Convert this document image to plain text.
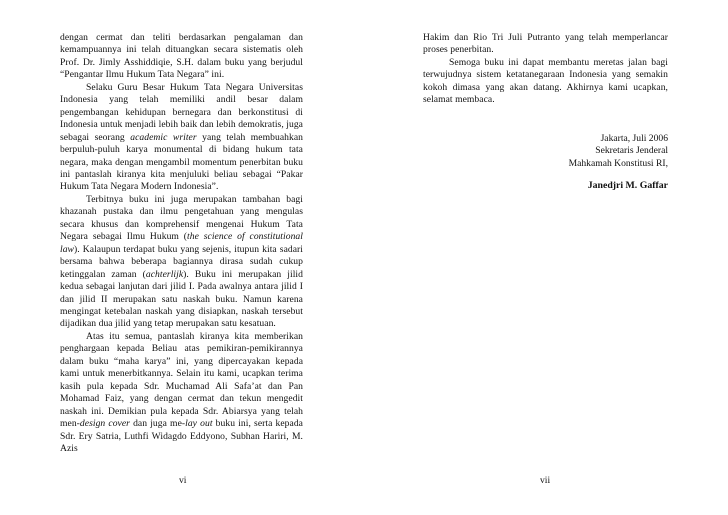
dengan cermat dan teliti berdasarkan pengalaman dan kemampuannya ini telah dituangkan secara sistematis oleh Prof. Dr. Jimly Asshiddiqie, S.H. dalam buku yang berjudul “Pengantar Ilmu Hukum Tata Negara” ini.

Selaku Guru Besar Hukum Tata Negara Universitas Indonesia yang telah memiliki andil besar dalam pengembangan kehidupan bernegara dan berkonstitusi di Indonesia untuk menjadi lebih baik dan lebih demokratis, juga sebagai seorang academic writer yang telah membuahkan berpuluh-puluh karya monumental di bidang hukum tata negara, maka dengan mengambil momentum penerbitan buku ini pantaslah kiranya kita menjuluki beliau sebagai “Pakar Hukum Tata Negara Modern Indonesia”.

Terbitnya buku ini juga merupakan tambahan bagi khazanah pustaka dan ilmu pengetahuan yang mengulas secara khusus dan komprehensif mengenai Hukum Tata Negara sebagai Ilmu Hukum (the science of constitutional law). Kalaupun terdapat buku yang sejenis, itupun kita sadari bersama bahwa beberapa bagiannya dirasa sudah cukup ketinggalan zaman (achterlijk). Buku ini merupakan jilid kedua sebagai lanjutan dari jilid I. Pada awalnya antara jilid I dan jilid II merupakan satu naskah buku. Namun karena mengingat ketebalan naskah yang disiapkan, naskah tersebut dijadikan dua jilid yang tetap merupakan satu kesatuan.

Atas itu semua, pantaslah kiranya kita memberikan penghargaan kepada Beliau atas pemikiran-pemikirannya dalam buku “maha karya” ini, yang dipercayakan kepada kami untuk menerbitkannya. Selain itu kami, ucapkan terima kasih pula kepada Sdr. Muchamad Ali Safa’at dan Pan Mohamad Faiz, yang dengan cermat dan tekun mengedit naskah ini. Demikian pula kepada Sdr. Abiarsya yang telah men-design cover dan juga me-lay out buku ini, serta kepada Sdr. Ery Satria, Luthfi Widagdo Eddyono, Subhan Hariri, M. Azis

vi

Hakim dan Rio Tri Juli Putranto yang telah memperlancar proses penerbitan.

Semoga buku ini dapat membantu meretas jalan bagi terwujudnya sistem ketatanegaraan Indonesia yang semakin kokoh dimasa yang akan datang. Akhirnya kami ucapkan, selamat membaca.

Jakarta, Juli 2006

Sekretaris Jenderal

Mahkamah Konstitusi RI,

Janedjri M. Gaffar

vii
